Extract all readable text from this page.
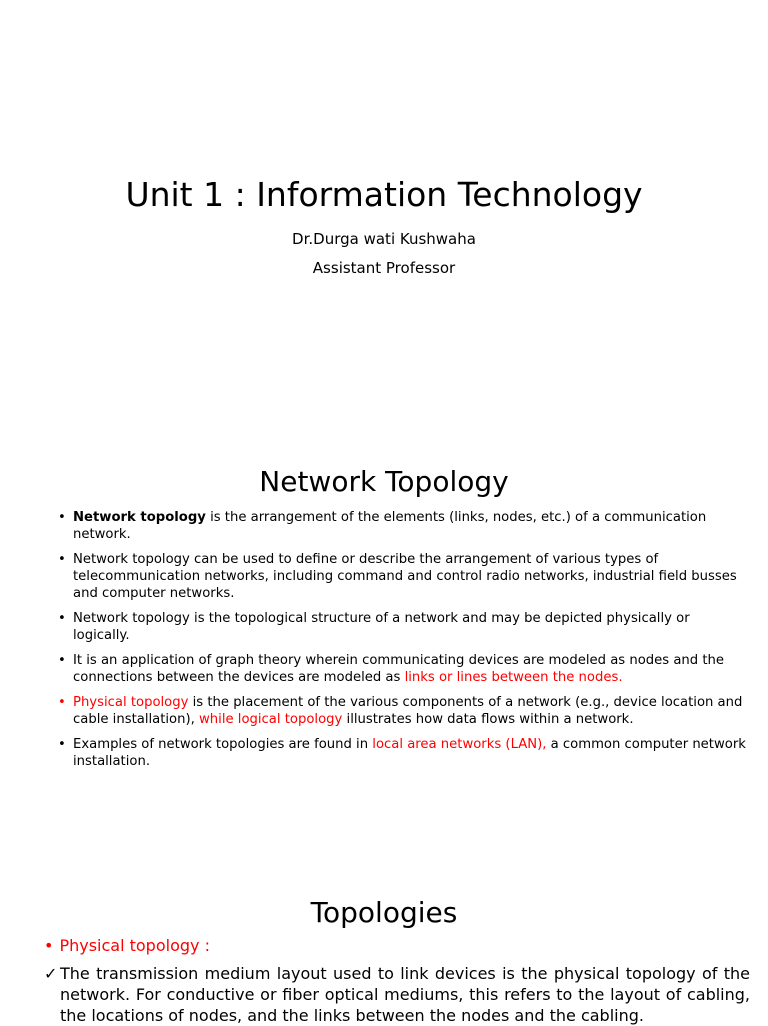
Unit 1 : Information Technology
Dr.Durga wati Kushwaha
Assistant Professor
Network Topology
• Network topology is the arrangement of the elements (links, nodes, etc.) of a communication network.
• Network topology can be used to define or describe the arrangement of various types of telecommunication networks, including command and control radio networks, industrial field busses and computer networks.
• Network topology is the topological structure of a network and may be depicted physically or logically.
• It is an application of graph theory wherein communicating devices are modeled as nodes and the connections between the devices are modeled as links or lines between the nodes.
• Physical topology is the placement of the various components of a network (e.g., device location and cable installation), while logical topology illustrates how data flows within a network.
• Examples of network topologies are found in local area networks (LAN), a common computer network installation.
Topologies
• Physical topology :
✓ The transmission medium layout used to link devices is the physical topology of the network. For conductive or fiber optical mediums, this refers to the layout of cabling, the locations of nodes, and the links between the nodes and the cabling.
